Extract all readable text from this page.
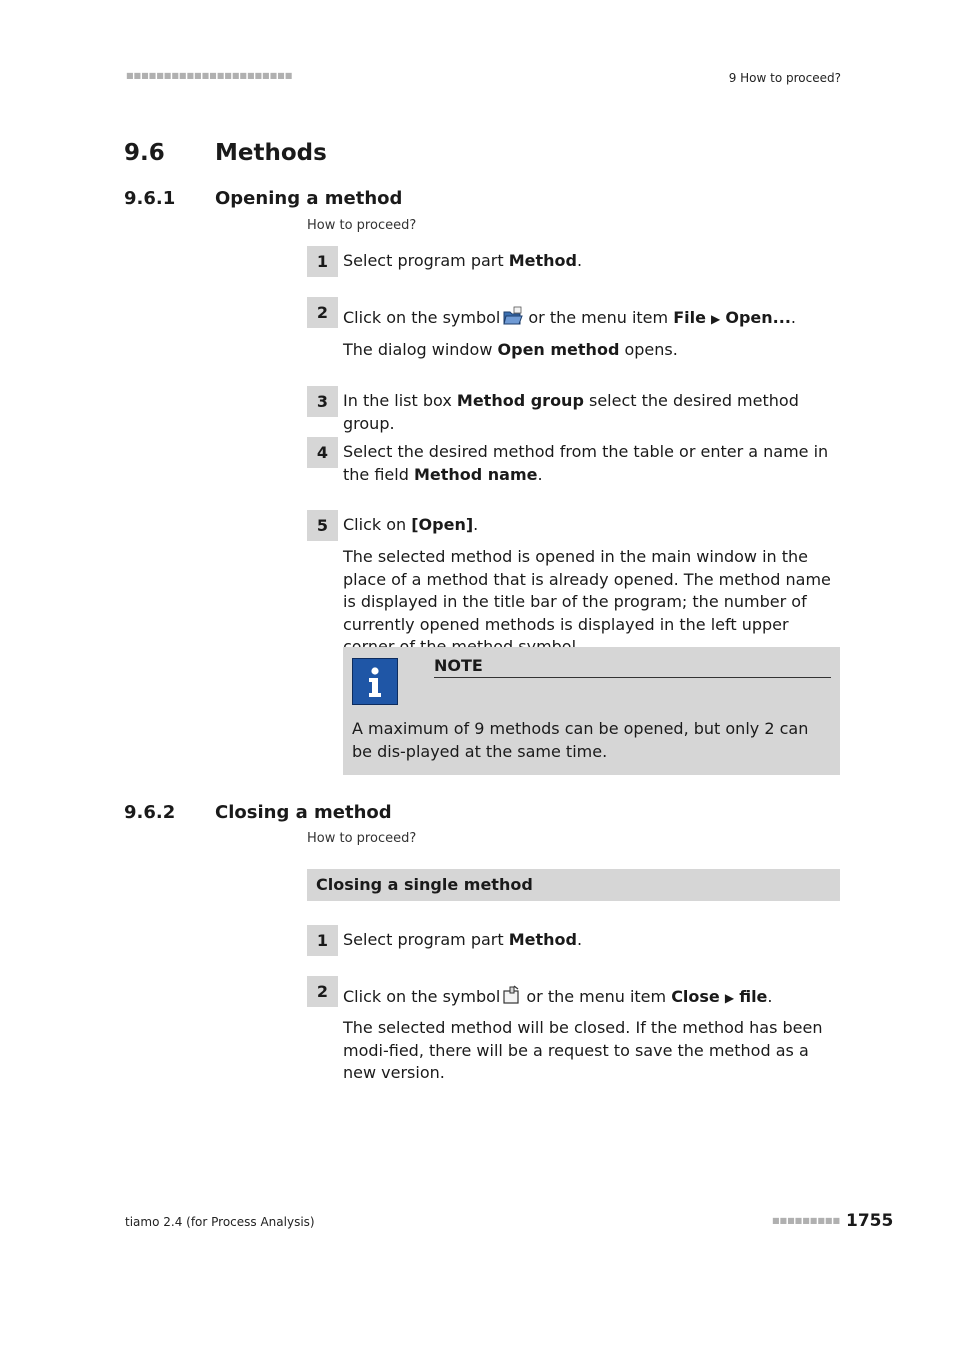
■■■■■■■■■■■■■■■■■■■■■■	9 How to proceed?
9.6 Methods
9.6.1 Opening a method
How to proceed?
1 Select program part Method.
2 Click on the symbol or the menu item File ▶ Open....
The dialog window Open method opens.
3 In the list box Method group select the desired method group.
4 Select the desired method from the table or enter a name in the field Method name.
5 Click on [Open].
The selected method is opened in the main window in the place of a method that is already opened. The method name is displayed in the title bar of the program; the number of currently opened methods is displayed in the left upper
NOTE
A maximum of 9 methods can be opened, but only 2 can be dis-played at the same time.
9.6.2 Closing a method
How to proceed?
Closing a single method
1 Select program part Method.
2 Click on the symbol or the menu item Close ▶ file.
The selected method will be closed. If the method has been modi-fied, there will be a request to save the method as a new version.
tiamo 2.4 (for Process Analysis)	■■■■■■■■■ 1755
